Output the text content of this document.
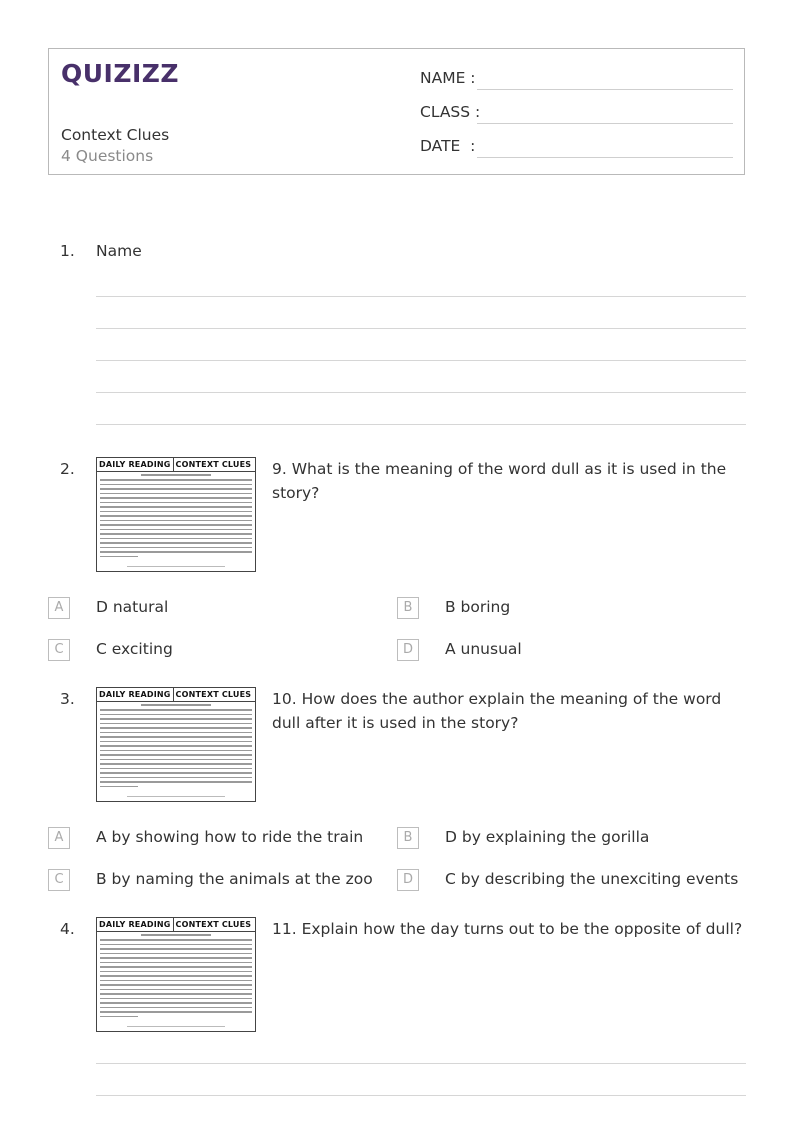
QUIZIZZ
Context Clues
4 Questions
NAME :
CLASS :
DATE  :
1. Name
2.	DAILY READING CONTEXT CLUES 9. What is the meaning of the word dull as it is used in the story?
A	D natural	B	B boring
C	C exciting	D	A unusual
3.	DAILY READING CONTEXT CLUES 10. How does the author explain the meaning of the word dull after it is used in the story?
A	A by showing how to ride the train	B	D by explaining the gorilla
C	B by naming the animals at the zoo	D	C by describing the unexciting events
4.	DAILY READING CONTEXT CLUES 11. Explain how the day turns out to be the opposite of dull?
